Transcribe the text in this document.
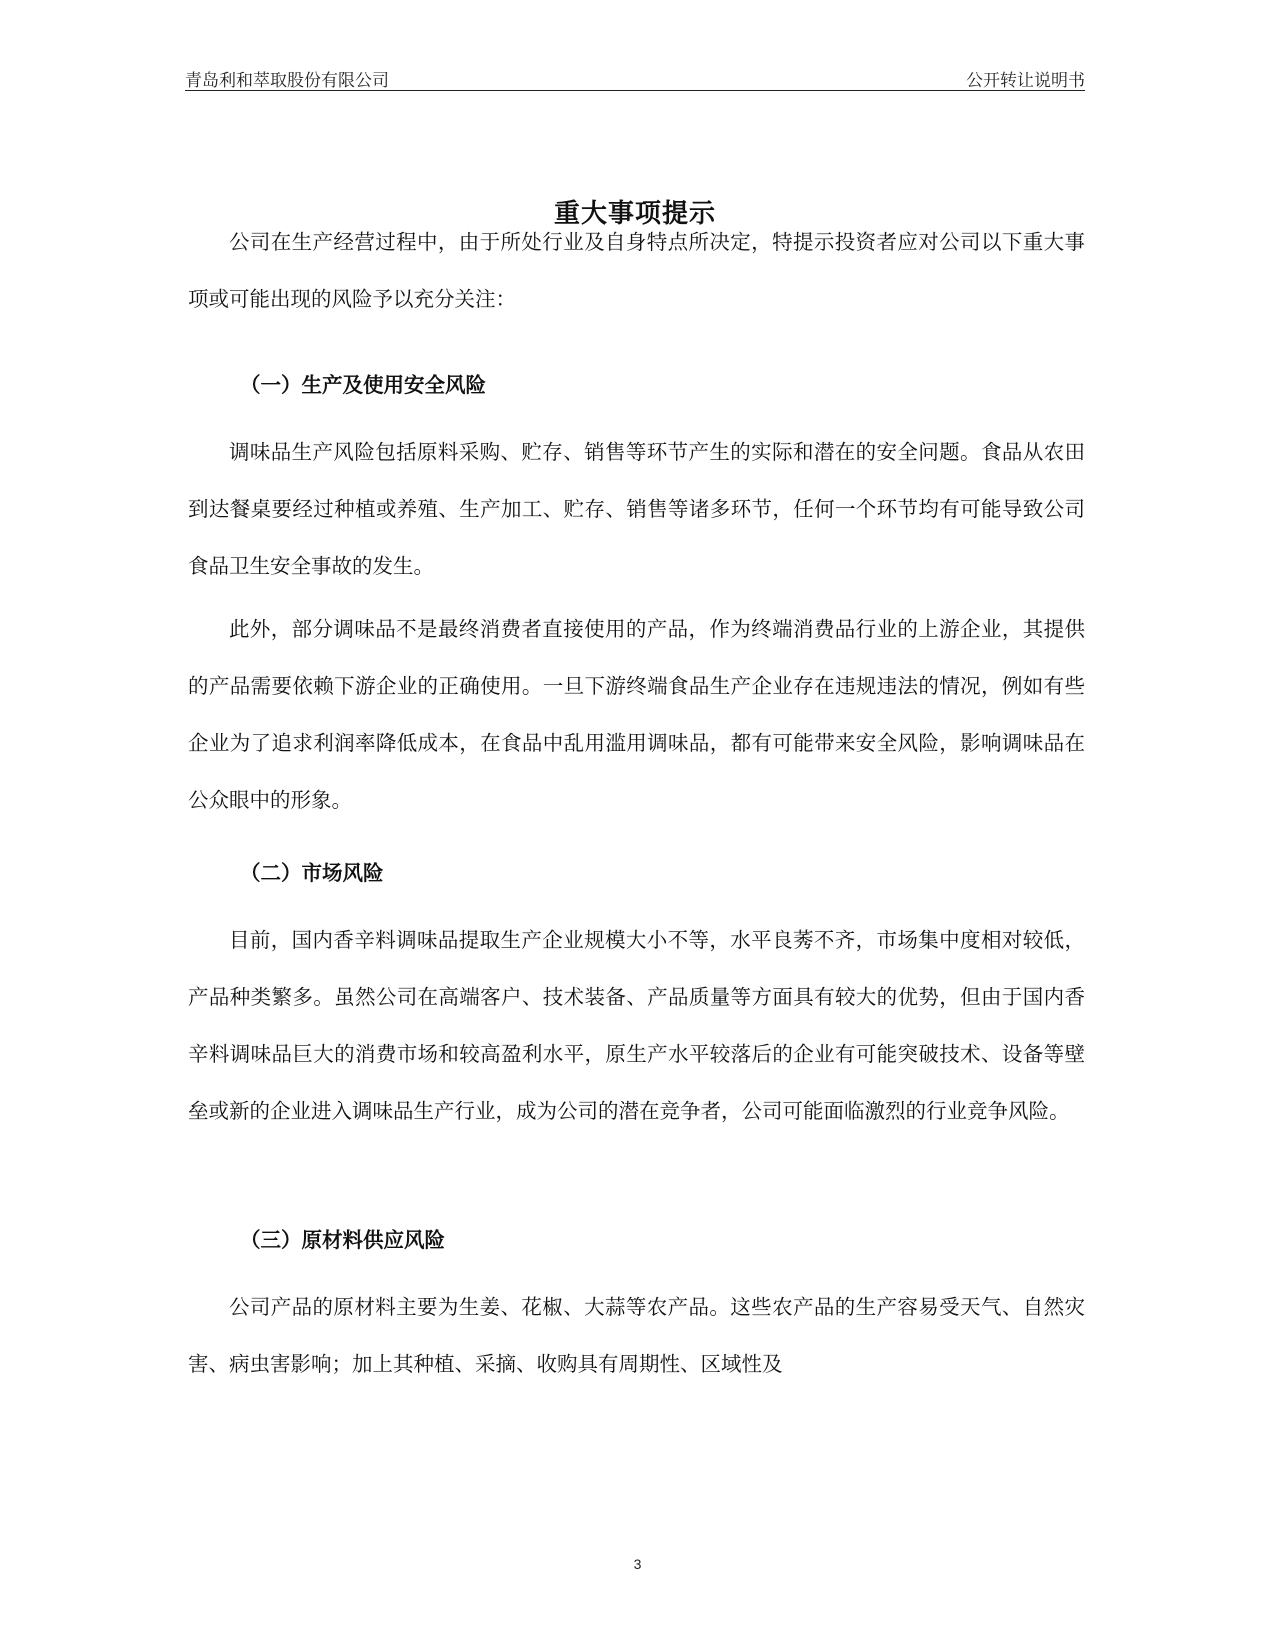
青岛利和萃取股份有限公司	公开转让说明书
重大事项提示

公司在生产经营过程中，由于所处行业及自身特点所决定，特提示投资者应对公司以下重大事项或可能出现的风险予以充分关注：

（一）生产及使用安全风险

调味品生产风险包括原料采购、贮存、销售等环节产生的实际和潜在的安全问题。食品从农田到达餐桌要经过种植或养殖、生产加工、贮存、销售等诸多环节，任何一个环节均有可能导致公司食品卫生安全事故的发生。

此外，部分调味品不是最终消费者直接使用的产品，作为终端消费品行业的上游企业，其提供的产品需要依赖下游企业的正确使用。一旦下游终端食品生产企业存在违规违法的情况，例如有些企业为了追求利润率降低成本，在食品中乱用滥用调味品，都有可能带来安全风险，影响调味品在公众眼中的形象。

（二）市场风险

目前，国内香辛料调味品提取生产企业规模大小不等，水平良莠不齐，市场集中度相对较低，产品种类繁多。虽然公司在高端客户、技术装备、产品质量等方面具有较大的优势，但由于国内香辛料调味品巨大的消费市场和较高盈利水平，原生产水平较落后的企业有可能突破技术、设备等壁垒或新的企业进入调味品生产行业，成为公司的潜在竞争者，公司可能面临激烈的行业竞争风险。

（三）原材料供应风险

公司产品的原材料主要为生姜、花椒、大蒜等农产品。这些农产品的生产容易受天气、自然灾害、病虫害影响；加上其种植、采摘、收购具有周期性、区域性及

3
